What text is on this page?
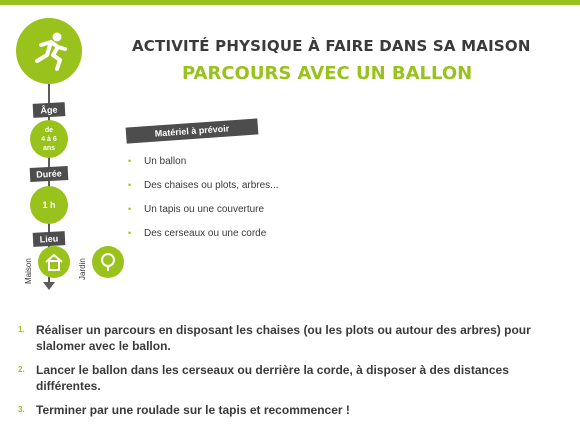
Âge
de
4 à 6
ans
Durée
1 h
Lieu
Maison	Jardin
ACTIVITÉ PHYSIQUE À FAIRE DANS SA MAISON
PARCOURS AVEC UN BALLON
Matériel à prévoir
•	Un ballon
•	Des chaises ou plots, arbres...
•	Un tapis ou une couverture
•	Des cerseaux ou une corde
1. Réaliser un parcours en disposant les chaises (ou les plots ou autour des arbres) pour slalomer avec le ballon.
2. Lancer le ballon dans les cerseaux ou derrière la corde, à disposer à des distances différentes.
3. Terminer par une roulade sur le tapis et recommencer !
